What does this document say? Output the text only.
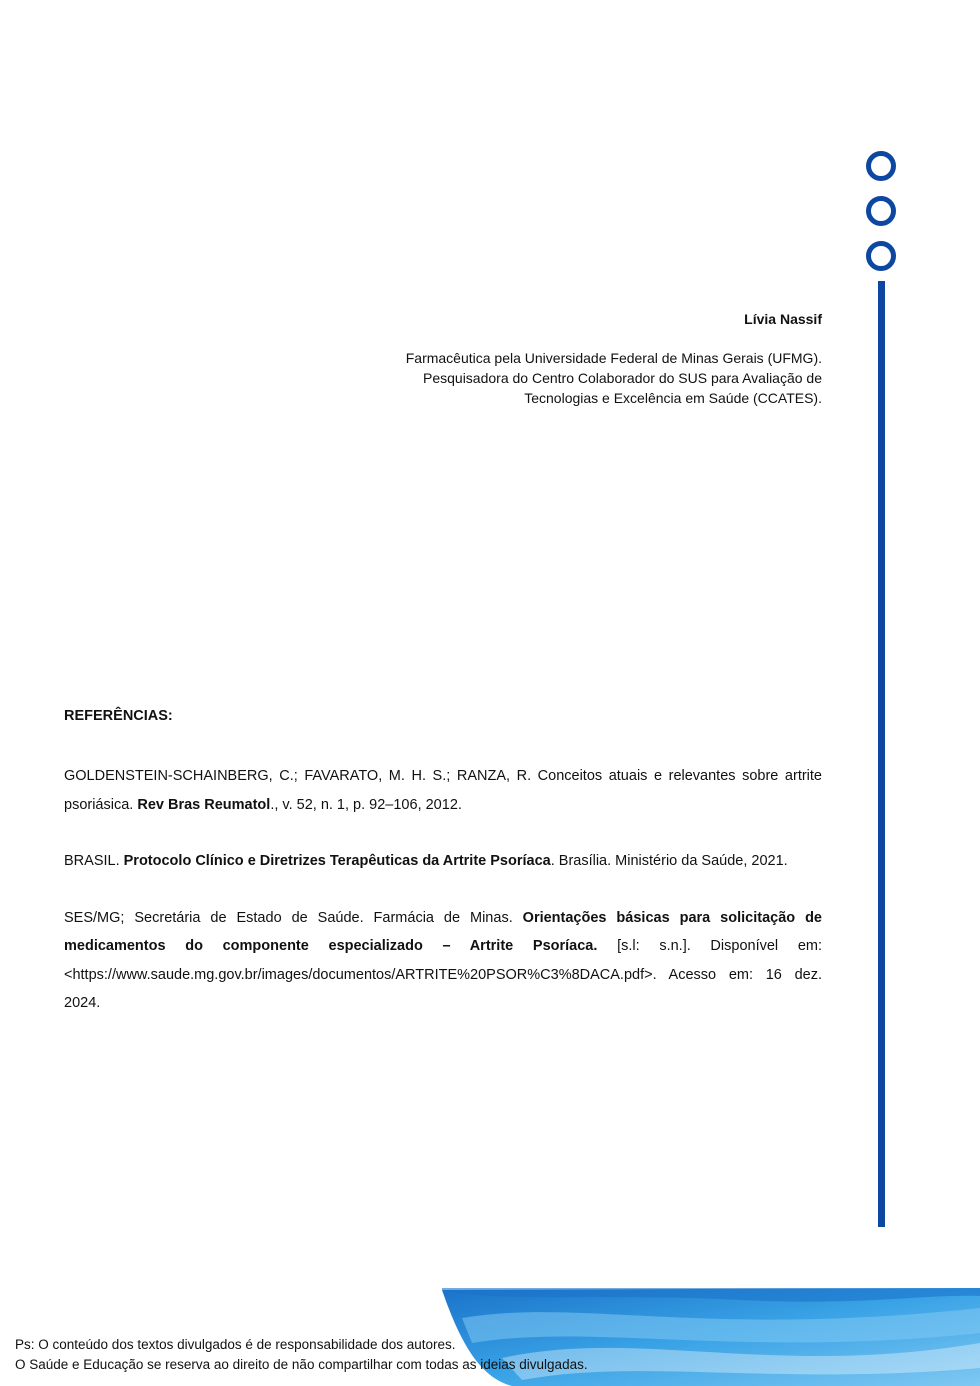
Lívia Nassif

Farmacêutica pela Universidade Federal de Minas Gerais (UFMG).
Pesquisadora do Centro Colaborador do SUS para Avaliação de
Tecnologias e Excelência em Saúde (CCATES).

REFERÊNCIAS:

GOLDENSTEIN-SCHAINBERG, C.; FAVARATO, M. H. S.; RANZA, R. Conceitos atuais e relevantes sobre artrite psoriásica. Rev Bras Reumatol., v. 52, n. 1, p. 92–106, 2012.

BRASIL. Protocolo Clínico e Diretrizes Terapêuticas da Artrite Psoríaca. Brasília. Ministério da Saúde, 2021.

SES/MG; Secretária de Estado de Saúde. Farmácia de Minas. Orientações básicas para solicitação de medicamentos do componente especializado – Artrite Psoríaca. [s.l: s.n.]. Disponível em: <https://www.saude.mg.gov.br/images/documentos/ARTRITE%20PSOR%C3%8DACA.pdf>. Acesso em: 16 dez. 2024.

Ps: O conteúdo dos textos divulgados é de responsabilidade dos autores.
O Saúde e Educação se reserva ao direito de não compartilhar com todas as ideias divulgadas.
